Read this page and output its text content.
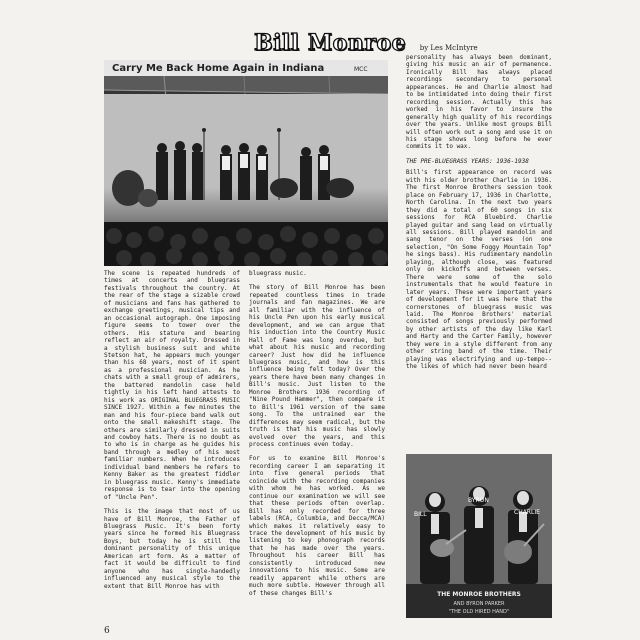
Bill Monroe by Les McIntyre
Carry Me Back Home Again in Indiana	MCC
BILL
BYRON
CHARLIE
THE MONROE BROTHERS
AND BYRON PARKER
"THE OLD HIRED HAND"

The scene is repeated hundreds of times at concerts and bluegrass festivals throughout the country. At the rear of the stage a sizable crowd of musicians and fans has gathered to exchange greetings, musical tips and an occasional autograph. One imposing figure seems to tower over the others. His stature and bearing reflect an air of royalty. Dressed in a stylish business suit and white Stetson hat, he appears much younger than his 68 years, most of it spent as a professional musician. As he chats with a small group of admirers, the battered mandolin case held tightly in his left hand attests to his work as ORIGINAL BLUEGRASS MUSIC SINCE 1927. Within a few minutes the man and his four-piece band walk out onto the small makeshift stage. The others are similarly dressed in suits and cowboy hats. There is no doubt as to who is in charge as he guides his band through a medley of his most familiar numbers. When he introduces individual band members he refers to Kenny Baker as the greatest fiddler in bluegrass music. Kenny's immediate response is to tear into the opening of "Uncle Pen".

This is the image that most of us have of Bill Monroe, the Father of Bluegrass Music. It's been forty years since he formed his Bluegrass Boys, but today he is still the dominant personality of this unique American art form. As a matter of fact it would be difficult to find anyone who has single-handedly influenced any musical style to the extent that Bill Monroe has with

bluegrass music.

The story of Bill Monroe has been repeated countless times in trade journals and fan magazines. We are all familiar with the influence of his Uncle Pen upon his early musical development, and we can argue that his induction into the Country Music Hall of Fame was long overdue, but what about his music and recording career? Just how did he influence bluegrass music, and how is this influence being felt today? Over the years there have been many changes in Bill's music. Just listen to the Monroe Brothers 1936 recording of "Nine Pound Hammer", then compare it to Bill's 1961 version of the same song. To the untrained ear the differences may seem radical, but the truth is that his music has slowly evolved over the years, and this process continues even today.

For us to examine Bill Monroe's recording career I am separating it into five general periods that coincide with the recording companies with whom he has worked. As we continue our examination we will see that these periods often overlap. Bill has only recorded for three labels (RCA, Columbia, and Decca/MCA) which makes it relatively easy to trace the development of his music by listening to key phonograph records that he has made over the years. Throughout his career Bill has consistently introduced new innovations to his music. Some are readily apparent while others are much more subtle. However through all of these changes Bill's

personality has always been dominant, giving his music an air of permanence. Ironically Bill has always placed recordings secondary to personal appearances. He and Charlie almost had to be intimidated into doing their first recording session. Actually this has worked in his favor to insure the generally high quality of his recordings over the years. Unlike most groups Bill will often work out a song and use it on his stage shows long before he ever commits it to wax.

THE PRE-BLUEGRASS YEARS: 1936-1938

Bill's first appearance on record was with his older brother Charlie in 1936. The first Monroe Brothers session took place on February 17, 1936 in Charlotte, North Carolina. In the next two years they did a total of 60 songs in six sessions for RCA Bluebird. Charlie played guitar and sang lead on virtually all sessions. Bill played mandolin and sang tenor on the verses (on one selection, "On Some Foggy Mountain Top" he sings bass). His rudimentary mandolin playing, although close, was featured only on kickoffs and between verses. There were some of the solo instrumentals that he would feature in later years. These were important years of development for it was here that the cornerstones of bluegrass music was laid. The Monroe Brothers' material consisted of songs previously performed by other artists of the day like Karl and Harty and the Carter Family, however they were in a style different from any other string band of the time. Their playing was electrifying and up-tempo--the likes of which had never been heard

6
